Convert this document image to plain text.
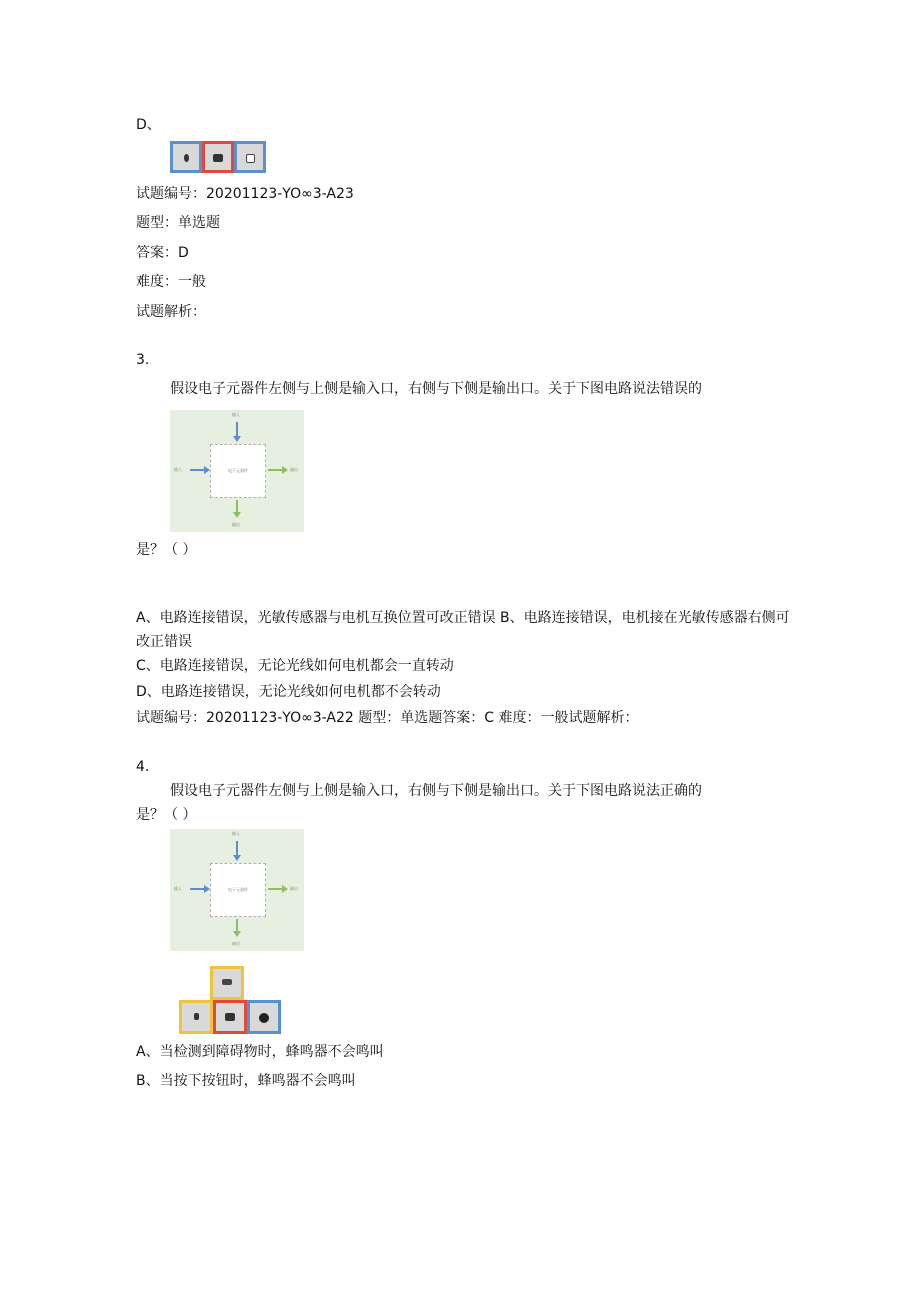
D、
试题编号：20201123-YO∞3-A23
题型：单选题
答案：D
难度：一般
试题解析：
3.
假设电子元器件左侧与上侧是输入口，右侧与下侧是输出口。关于下图电路说法错误的
电子元器件
输入
输入	输出
输出
是？（ ）
A、电路连接错误，光敏传感器与电机互换位置可改正错误 B、电路连接错误，电机接在光敏传感器右侧可改正错误
C、电路连接错误，无论光线如何电机都会一直转动
D、电路连接错误，无论光线如何电机都不会转动
试题编号：20201123-YO∞3-A22 题型：单选题答案：C 难度：一般试题解析：
4.
假设电子元器件左侧与上侧是输入口，右侧与下侧是输出口。关于下图电路说法正确的
是？（ ）
电子元器件
输入
输入	输出
输出
A、当检测到障碍物时，蜂鸣器不会鸣叫
B、当按下按钮时，蜂鸣器不会鸣叫
